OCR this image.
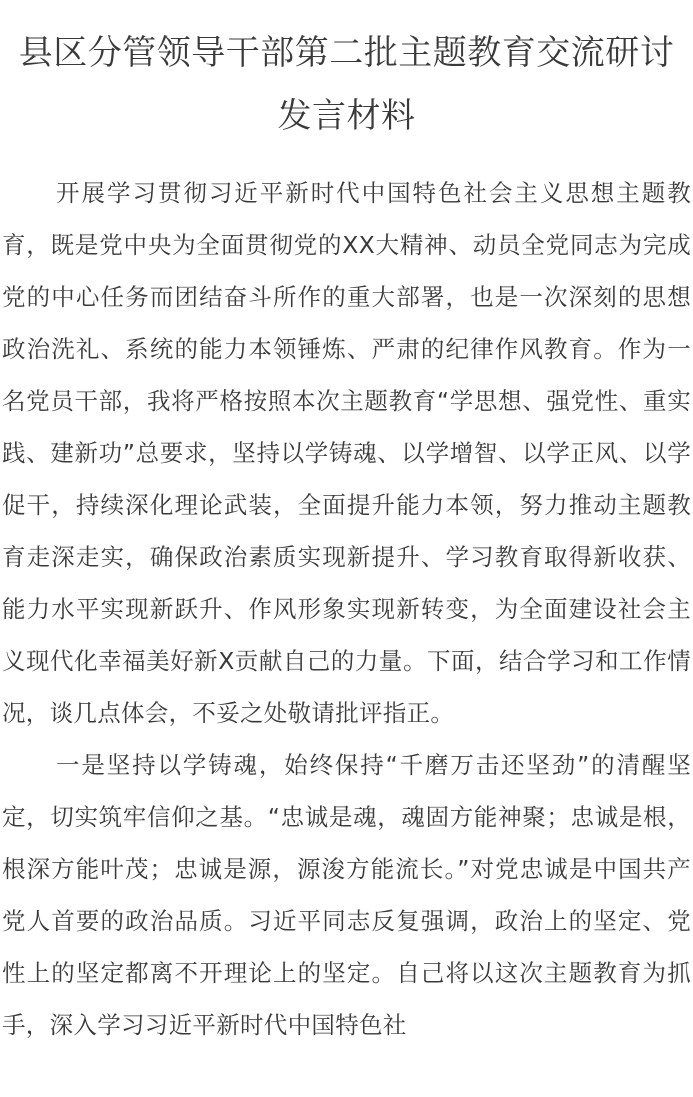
县区分管领导干部第二批主题教育交流研讨
发言材料

开展学习贯彻习近平新时代中国特色社会主义思想主题教育，既是党中央为全面贯彻党的XX大精神、动员全党同志为完成党的中心任务而团结奋斗所作的重大部署，也是一次深刻的思想政治洗礼、系统的能力本领锤炼、严肃的纪律作风教育。作为一名党员干部，我将严格按照本次主题教育“学思想、强党性、重实践、建新功”总要求，坚持以学铸魂、以学增智、以学正风、以学促干，持续深化理论武装，全面提升能力本领，努力推动主题教育走深走实，确保政治素质实现新提升、学习教育取得新收获、能力水平实现新跃升、作风形象实现新转变，为全面建设社会主义现代化幸福美好新X贡献自己的力量。下面，结合学习和工作情况，谈几点体会，不妥之处敬请批评指正。

一是坚持以学铸魂，始终保持“千磨万击还坚劲”的清醒坚定，切实筑牢信仰之基。“忠诚是魂，魂固方能神聚；忠诚是根，根深方能叶茂；忠诚是源，源浚方能流长。”对党忠诚是中国共产党人首要的政治品质。习近平同志反复强调，政治上的坚定、党性上的坚定都离不开理论上的坚定。自己将以这次主题教育为抓手，深入学习习近平新时代中国特色社
